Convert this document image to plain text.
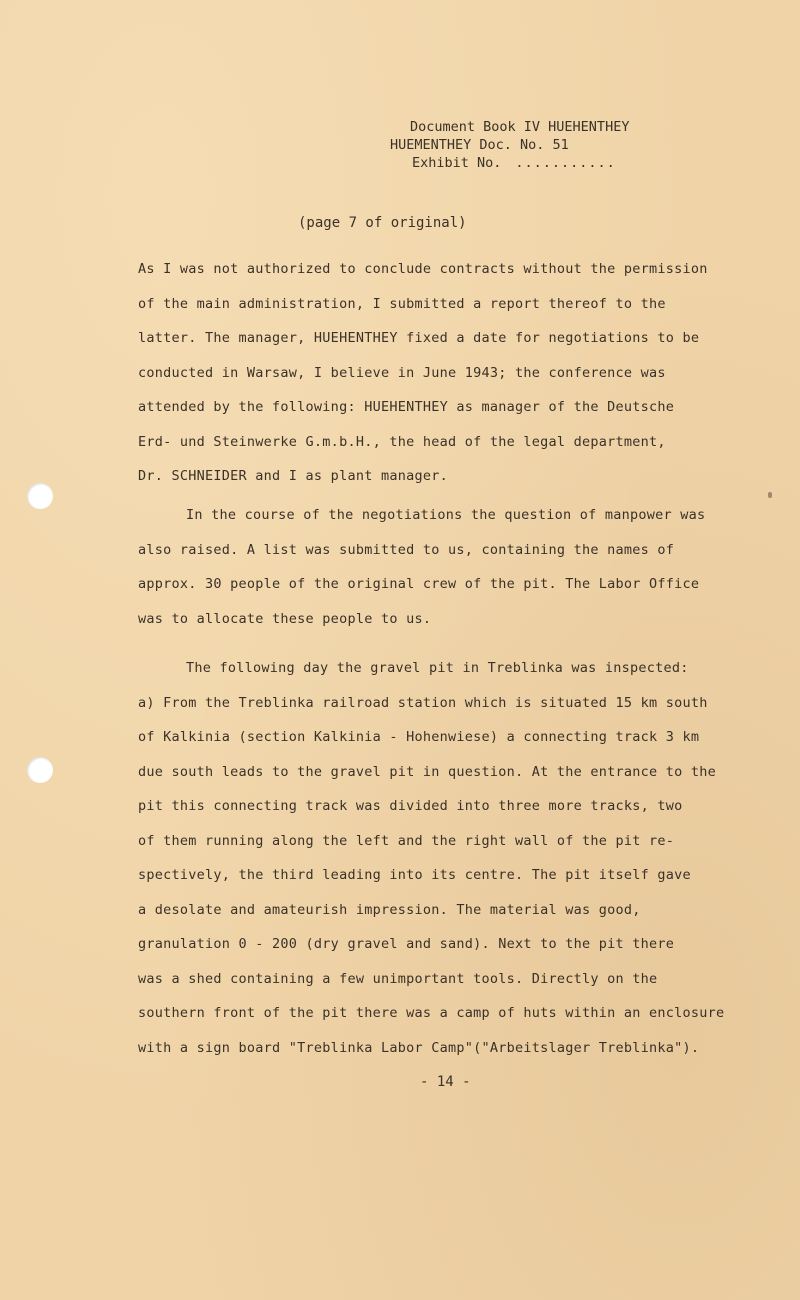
Document Book IV HUEHENTHEY
HUEMENTHEY Doc. No. 51
Exhibit No. ...........
(page 7 of original)
As I was not authorized to conclude contracts without the permission
of the main administration, I submitted a report thereof to the
latter. The manager, HUEHENTHEY fixed a date for negotiations to be
conducted in Warsaw, I believe in June 1943; the conference was
attended by the following: HUEHENTHEY as manager of the Deutsche
Erd- und Steinwerke G.m.b.H., the head of the legal department,
Dr. SCHNEIDER and I as plant manager.
In the course of the negotiations the question of manpower was
also raised. A list was submitted to us, containing the names of
approx. 30 people of the original crew of the pit. The Labor Office
was to allocate these people to us.
The following day the gravel pit in Treblinka was inspected:
a) From the Treblinka railroad station which is situated 15 km south
of Kalkinia (section Kalkinia - Hohenwiese) a connecting track 3 km
due south leads to the gravel pit in question. At the entrance to the
pit this connecting track was divided into three more tracks, two
of them running along the left and the right wall of the pit re-
spectively, the third leading into its centre. The pit itself gave
a desolate and amateurish impression. The material was good,
granulation 0 - 200 (dry gravel and sand). Next to the pit there
was a shed containing a few unimportant tools. Directly on the
southern front of the pit there was a camp of huts within an enclosure
with a sign board "Treblinka Labor Camp"("Arbeitslager Treblinka").
- 14 -
